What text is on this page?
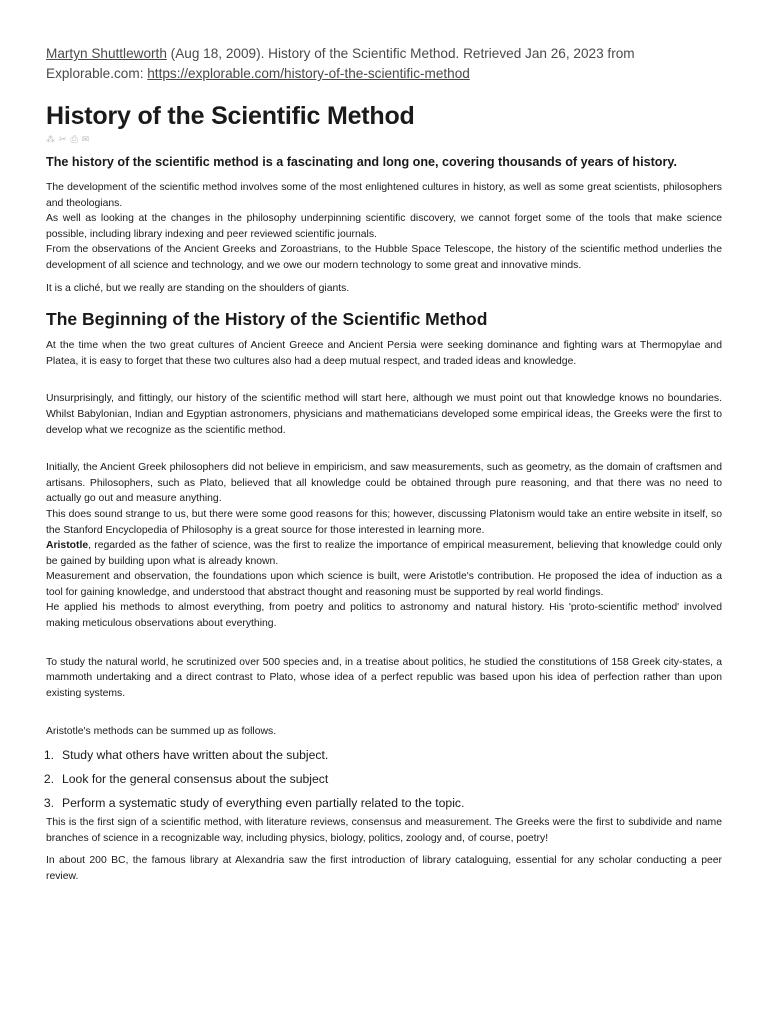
Martyn Shuttleworth (Aug 18, 2009). History of the Scientific Method. Retrieved Jan 26, 2023 from Explorable.com: https://explorable.com/history-of-the-scientific-method
History of the Scientific Method
⁂ ✂ ⎙ ✉
The history of the scientific method is a fascinating and long one, covering thousands of years of history.

The development of the scientific method involves some of the most enlightened cultures in history, as well as some great scientists, philosophers and theologians.

As well as looking at the changes in the philosophy underpinning scientific discovery, we cannot forget some of the tools that make science possible, including library indexing and peer reviewed scientific journals.

From the observations of the Ancient Greeks and Zoroastrians, to the Hubble Space Telescope, the history of the scientific method underlies the development of all science and technology, and we owe our modern technology to some great and innovative minds.

It is a cliché, but we really are standing on the shoulders of giants.

The Beginning of the History of the Scientific Method

At the time when the two great cultures of Ancient Greece and Ancient Persia were seeking dominance and fighting wars at Thermopylae and Platea, it is easy to forget that these two cultures also had a deep mutual respect, and traded ideas and knowledge.

Unsurprisingly, and fittingly, our history of the scientific method will start here, although we must point out that knowledge knows no boundaries. Whilst Babylonian, Indian and Egyptian astronomers, physicians and mathematicians developed some empirical ideas, the Greeks were the first to develop what we recognize as the scientific method.

Initially, the Ancient Greek philosophers did not believe in empiricism, and saw measurements, such as geometry, as the domain of craftsmen and artisans. Philosophers, such as Plato, believed that all knowledge could be obtained through pure reasoning, and that there was no need to actually go out and measure anything.

This does sound strange to us, but there were some good reasons for this; however, discussing Platonism would take an entire website in itself, so the Stanford Encyclopedia of Philosophy is a great source for those interested in learning more.

Aristotle, regarded as the father of science, was the first to realize the importance of empirical measurement, believing that knowledge could only be gained by building upon what is already known.

Measurement and observation, the foundations upon which science is built, were Aristotle's contribution. He proposed the idea of induction as a tool for gaining knowledge, and understood that abstract thought and reasoning must be supported by real world findings.

He applied his methods to almost everything, from poetry and politics to astronomy and natural history. His 'proto-scientific method' involved making meticulous observations about everything.

To study the natural world, he scrutinized over 500 species and, in a treatise about politics, he studied the constitutions of 158 Greek city-states, a mammoth undertaking and a direct contrast to Plato, whose idea of a perfect republic was based upon his idea of perfection rather than upon existing systems.

Aristotle's methods can be summed up as follows.

1. Study what others have written about the subject.
2. Look for the general consensus about the subject
3. Perform a systematic study of everything even partially related to the topic.

This is the first sign of a scientific method, with literature reviews, consensus and measurement. The Greeks were the first to subdivide and name branches of science in a recognizable way, including physics, biology, politics, zoology and, of course, poetry!

In about 200 BC, the famous library at Alexandria saw the first introduction of library cataloguing, essential for any scholar conducting a peer review.
